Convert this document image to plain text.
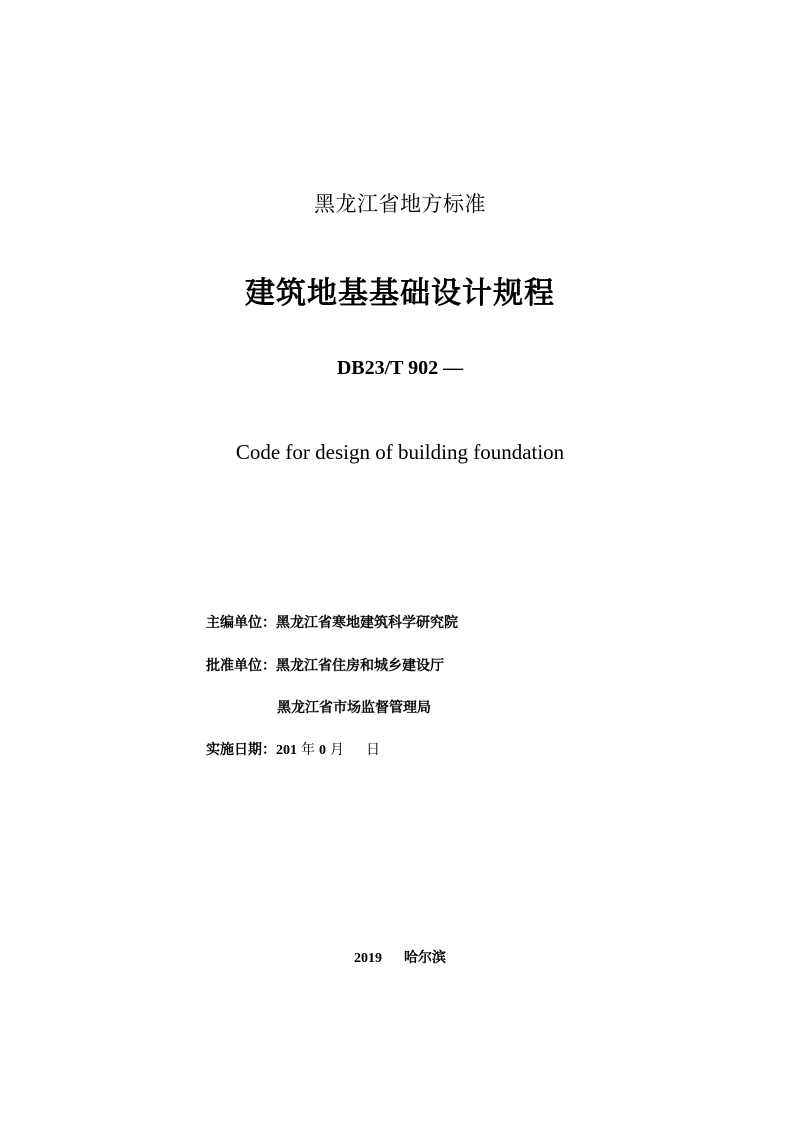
黑龙江省地方标准
建筑地基基础设计规程
DB23/T 902 —
Code for design of building foundation
主编单位：黑龙江省寒地建筑科学研究院
批准单位：黑龙江省住房和城乡建设厅
黑龙江省市场监督管理局
实施日期：201 年 0 月 日
2019 哈尔滨
